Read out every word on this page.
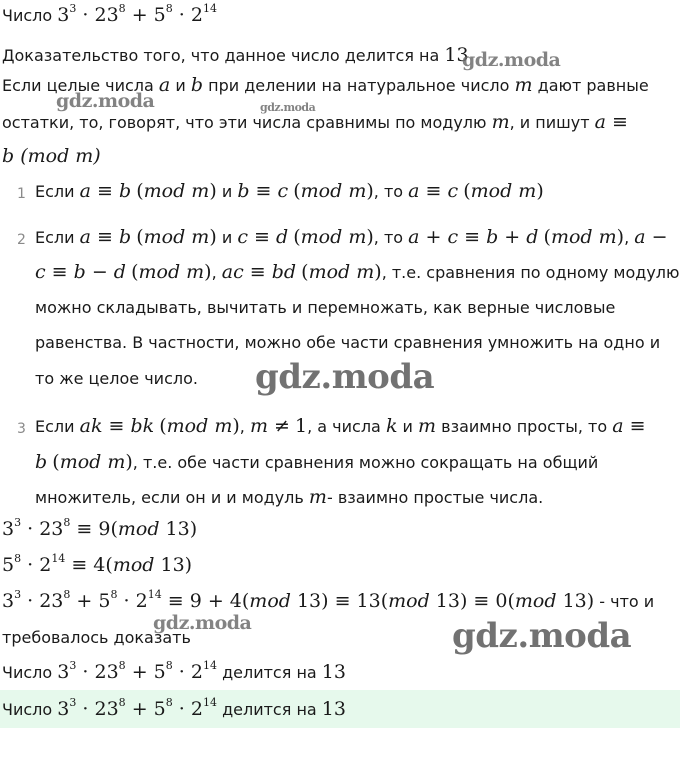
Число $3^3 \cdot 23^8 + 5^8 \cdot 2^{14}$
Доказательство того, что данное число делится на 13
Если целые числа a и b при делении на натуральное число m дают равные
остатки, то, говорят, что эти числа сравнимы по модулю m, и пишут a ≡
b (mod m)
1 Если a ≡ b (mod m) и b ≡ c (mod m), то a ≡ c (mod m)
2 Если a ≡ b (mod m) и c ≡ d (mod m), то a + c ≡ b + d (mod m), a −
c ≡ b − d (mod m), ac ≡ bd (mod m), т.е. сравнения по одному модулю
можно складывать, вычитать и перемножать, как верные числовые
равенства. В частности, можно обе части сравнения умножить на одно и
то же целое число.
3 Если ak ≡ bk (mod m), m ≠ 1, а числа k и m взаимно просты, то a ≡
b (mod m), т.е. обе части сравнения можно сокращать на общий
множитель, если он и и модуль m- взаимно простые числа.
$3^3 \cdot 23^8 \equiv 9(mod$ 13)
$5^8 \cdot 2^{14} \equiv 4(mod$ 13)
$3^3 \cdot 23^8 + 5^8 \cdot 2^{14} \equiv 9 + 4(mod$ 13) ≡ 13(mod 13) ≡ 0(mod 13) - что и
требовалось доказать
Число $3^3 \cdot 23^8 + 5^8 \cdot 2^{14}$ делится на 13
Число $3^3 \cdot 23^8 + 5^8 \cdot 2^{14}$ делится на 13
gdz.moda
gdz.moda	gdz.moda
gdz.moda
gdz.moda	gdz.moda
